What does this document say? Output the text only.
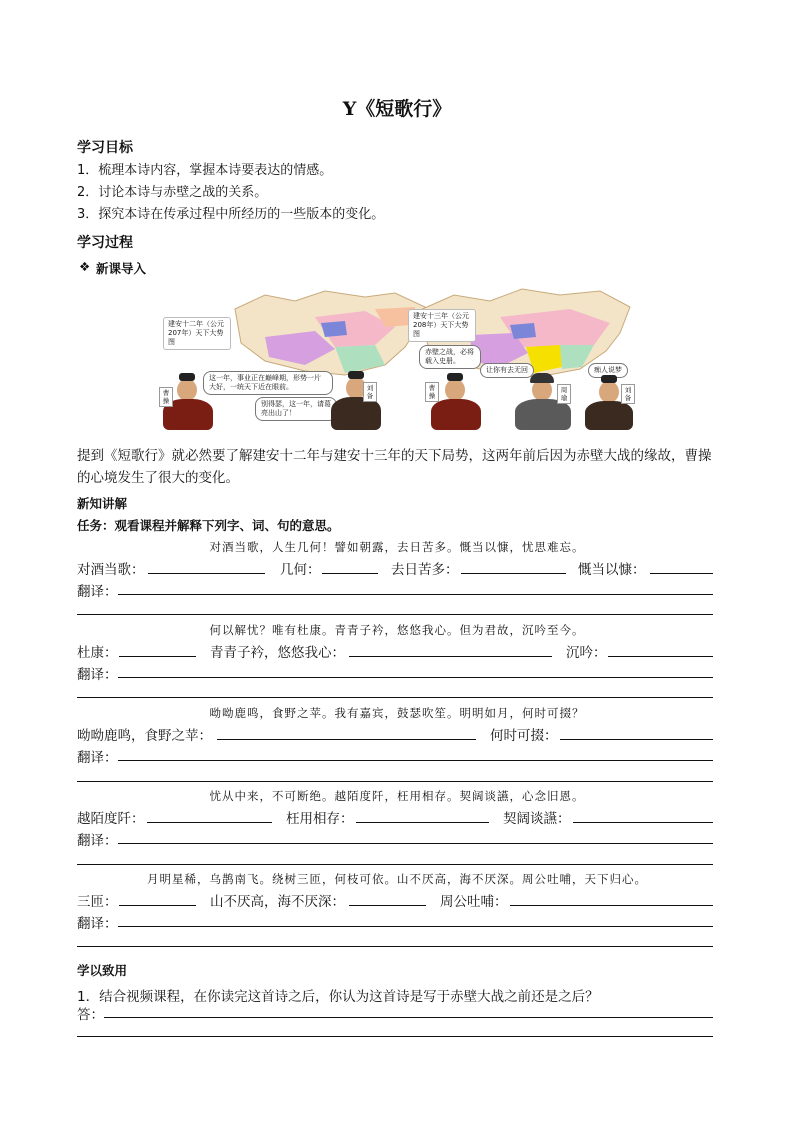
Y《短歌行》
学习目标
1．梳理本诗内容，掌握本诗要表达的情感。
2．讨论本诗与赤壁之战的关系。
3．探究本诗在传承过程中所经历的一些版本的变化。
学习过程
❖ 新课导入
建安十二年（公元207年）天下大势图
建安十三年（公元208年）天下大势图
这一年，事业正在巅峰期，形势一片大好，一统天下近在眼前。
别得瑟，这一年，请葛亮出山了！
赤壁之战，必将载入史册。
让你有去无回	痴人说梦
曹操
刘备
曹操
周瑜
刘备
提到《短歌行》就必然要了解建安十二年与建安十三年的天下局势，这两年前后因为赤壁大战的缘故，曹操的心境发生了很大的变化。
新知讲解
任务：观看课程并解释下列字、词、句的意思。
对酒当歌，人生几何！譬如朝露，去日苦多。慨当以慷，忧思难忘。
对酒当歌：	几何：	去日苦多：	慨当以慷：
翻译：
何以解忧？唯有杜康。青青子衿，悠悠我心。但为君故，沉吟至今。
杜康：	青青子衿，悠悠我心：	沉吟：
翻译：
呦呦鹿鸣，食野之苹。我有嘉宾，鼓瑟吹笙。明明如月，何时可掇？
呦呦鹿鸣，食野之苹：	何时可掇：
翻译：
忧从中来，不可断绝。越陌度阡，枉用相存。契阔谈讌，心念旧恩。
越陌度阡：	枉用相存：	契阔谈讌：
翻译：
月明星稀，乌鹊南飞。绕树三匝，何枝可依。山不厌高，海不厌深。周公吐哺，天下归心。
三匝：	山不厌高，海不厌深：	周公吐哺：
翻译：
学以致用
1．结合视频课程，在你读完这首诗之后，你认为这首诗是写于赤壁大战之前还是之后？
答：
